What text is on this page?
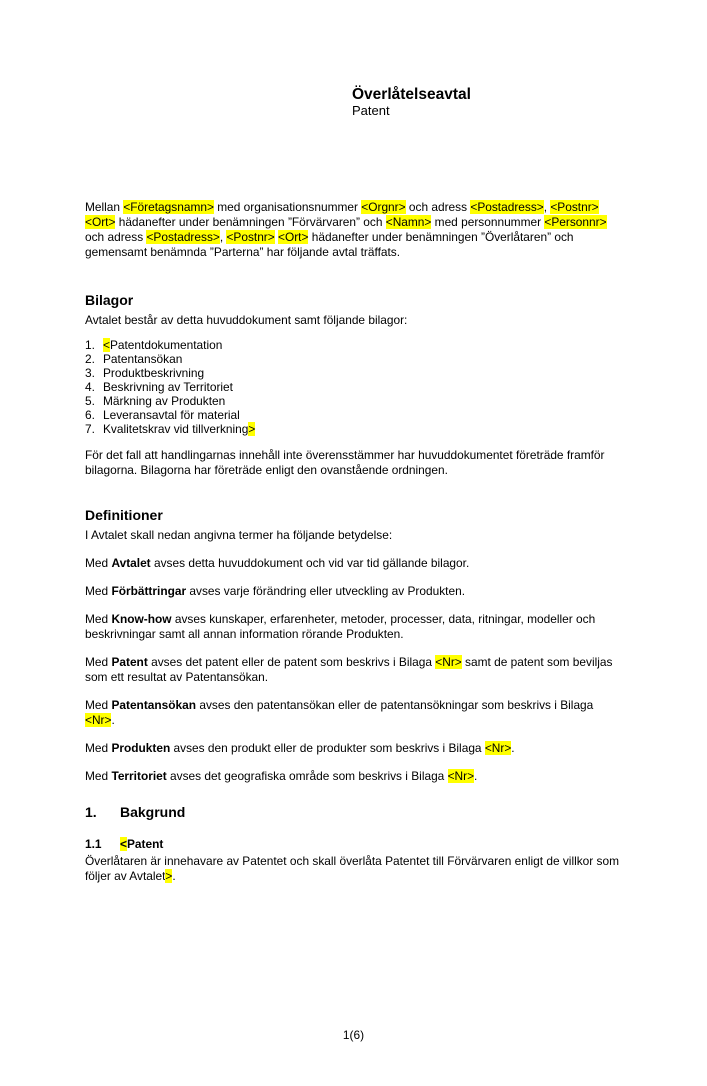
Överlåtelseavtal
Patent

Mellan <Företagsnamn> med organisationsnummer <Orgnr> och adress <Postadress>, <Postnr> <Ort> hädanefter under benämningen ”Förvärvaren” och <Namn> med personnummer <Personnr> och adress <Postadress>, <Postnr> <Ort> hädanefter under benämningen ”Överlåtaren” och gemensamt benämnda ”Parterna” har följande avtal träffats.

Bilagor

Avtalet består av detta huvuddokument samt följande bilagor:

1. <Patentdokumentation
2. Patentansökan
3. Produktbeskrivning
4. Beskrivning av Territoriet
5. Märkning av Produkten
6. Leveransavtal för material
7. Kvalitetskrav vid tillverkning>

För det fall att handlingarnas innehåll inte överensstämmer har huvuddokumentet företräde framför bilagorna. Bilagorna har företräde enligt den ovanstående ordningen.

Definitioner

I Avtalet skall nedan angivna termer ha följande betydelse:

Med Avtalet avses detta huvuddokument och vid var tid gällande bilagor.

Med Förbättringar avses varje förändring eller utveckling av Produkten.

Med Know-how avses kunskaper, erfarenheter, metoder, processer, data, ritningar, modeller och beskrivningar samt all annan information rörande Produkten.

Med Patent avses det patent eller de patent som beskrivs i Bilaga <Nr> samt de patent som beviljas som ett resultat av Patentansökan.

Med Patentansökan avses den patentansökan eller de patentansökningar som beskrivs i Bilaga <Nr>.

Med Produkten avses den produkt eller de produkter som beskrivs i Bilaga <Nr>.

Med Territoriet avses det geografiska område som beskrivs i Bilaga <Nr>.

1.	Bakgrund
1.1	<Patent

Överlåtaren är innehavare av Patentet och skall överlåta Patentet till Förvärvaren enligt de villkor som följer av Avtalet>.

1(6)
